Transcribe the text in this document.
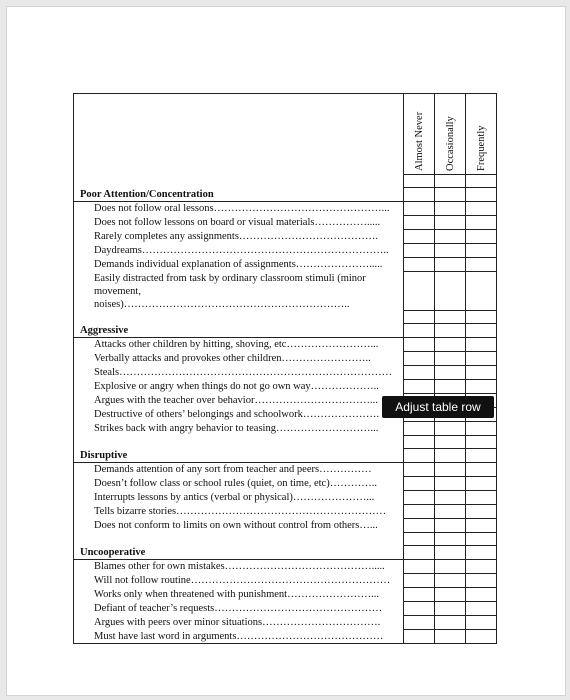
	Almost Never	Occasionally	Frequently

Poor Attention/Concentration			
Does not follow oral lessons…………………………………………...			
Does not follow lessons on board or visual materials…………….....			
Rarely completes any assignments………………………………….			
Daydreams……………………………………………………………..			
Demands individual explanation of assignments………………….....			
Easily distracted from task by ordinary classroom stimuli (minor movement, noises)………………………………………………………..			

Aggressive			
Attacks other children by hitting, shoving, etc……………………...			
Verbally attacks and provokes other children……………………..			
Steals……………………………………………………………………			
Explosive or angry when things do not go own way………………..			
Argues with the teacher over behavior……………………………...			
Destructive of others’ belongings and schoolwork………………….			
Strikes back with angry behavior to teasing………………………...			

Disruptive			
Demands attention of any sort from teacher and peers……………			
Doesn’t follow class or school rules (quiet, on time, etc)…………..			
Interrupts lessons by antics (verbal or physical)…………………...			
Tells bizarre stories……………………………………………………			
Does not conform to limits on own without control from others…...			

Uncooperative			
Blames other for own mistakes…………………………………….....			
Will not follow routine…………………………………………………			
Works only when threatened with punishment……………………...			
Defiant of teacher’s requests…………………………………………			
Argues with peers over minor situations…………………………….			
Must have last word in arguments……………………………………			
Adjust table row
